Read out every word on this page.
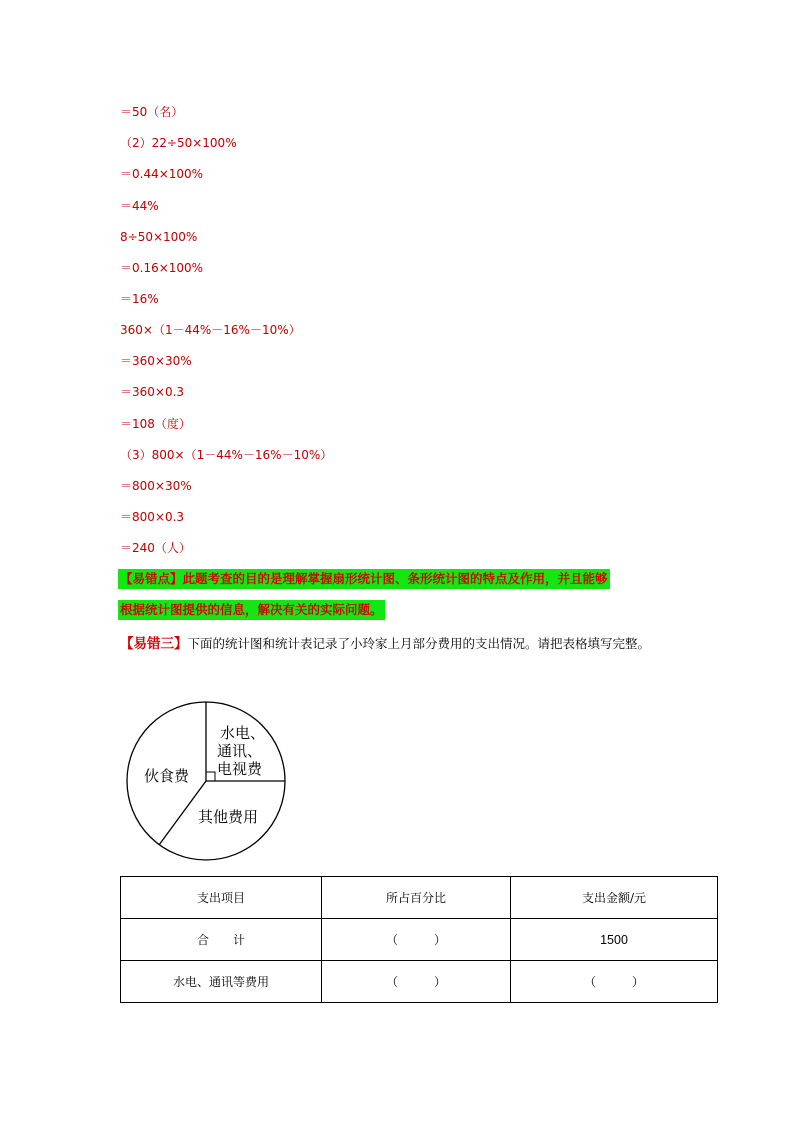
＝50（名）
（2）22÷50×100%
＝0.44×100%
＝44%
8÷50×100%
＝0.16×100%
＝16%
360×（1－44%－16%－10%）
＝360×30%
＝360×0.3
＝108（度）
（3）800×（1－44%－16%－10%）
＝800×30%
＝800×0.3
＝240（人）
【易错点】此题考查的目的是理解掌握扇形统计图、条形统计图的特点及作用，并且能够
根据统计图提供的信息，解决有关的实际问题。
【易错三】下面的统计图和统计表记录了小玲家上月部分费用的支出情况。请把表格填写完整。
水电、
通讯、
电视费
伙食费
其他费用
支出项目	所占百分比	支出金额/元
合　　计	（　　　）	1500
水电、通讯等费用	（　　　）	（　　　）
